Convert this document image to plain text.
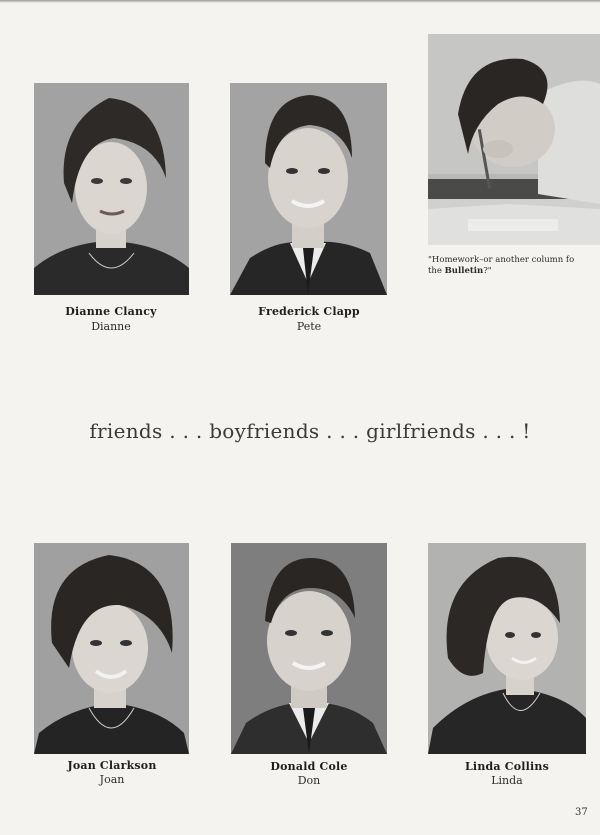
Dianne Clancy
Dianne
Frederick Clapp
Pete
"Homework–or another column fo
the Bulletin?"
friends . . . boyfriends . . . girlfriends . . . !
Joan Clarkson
Joan
Donald Cole
Don
Linda Collins
Linda
37
